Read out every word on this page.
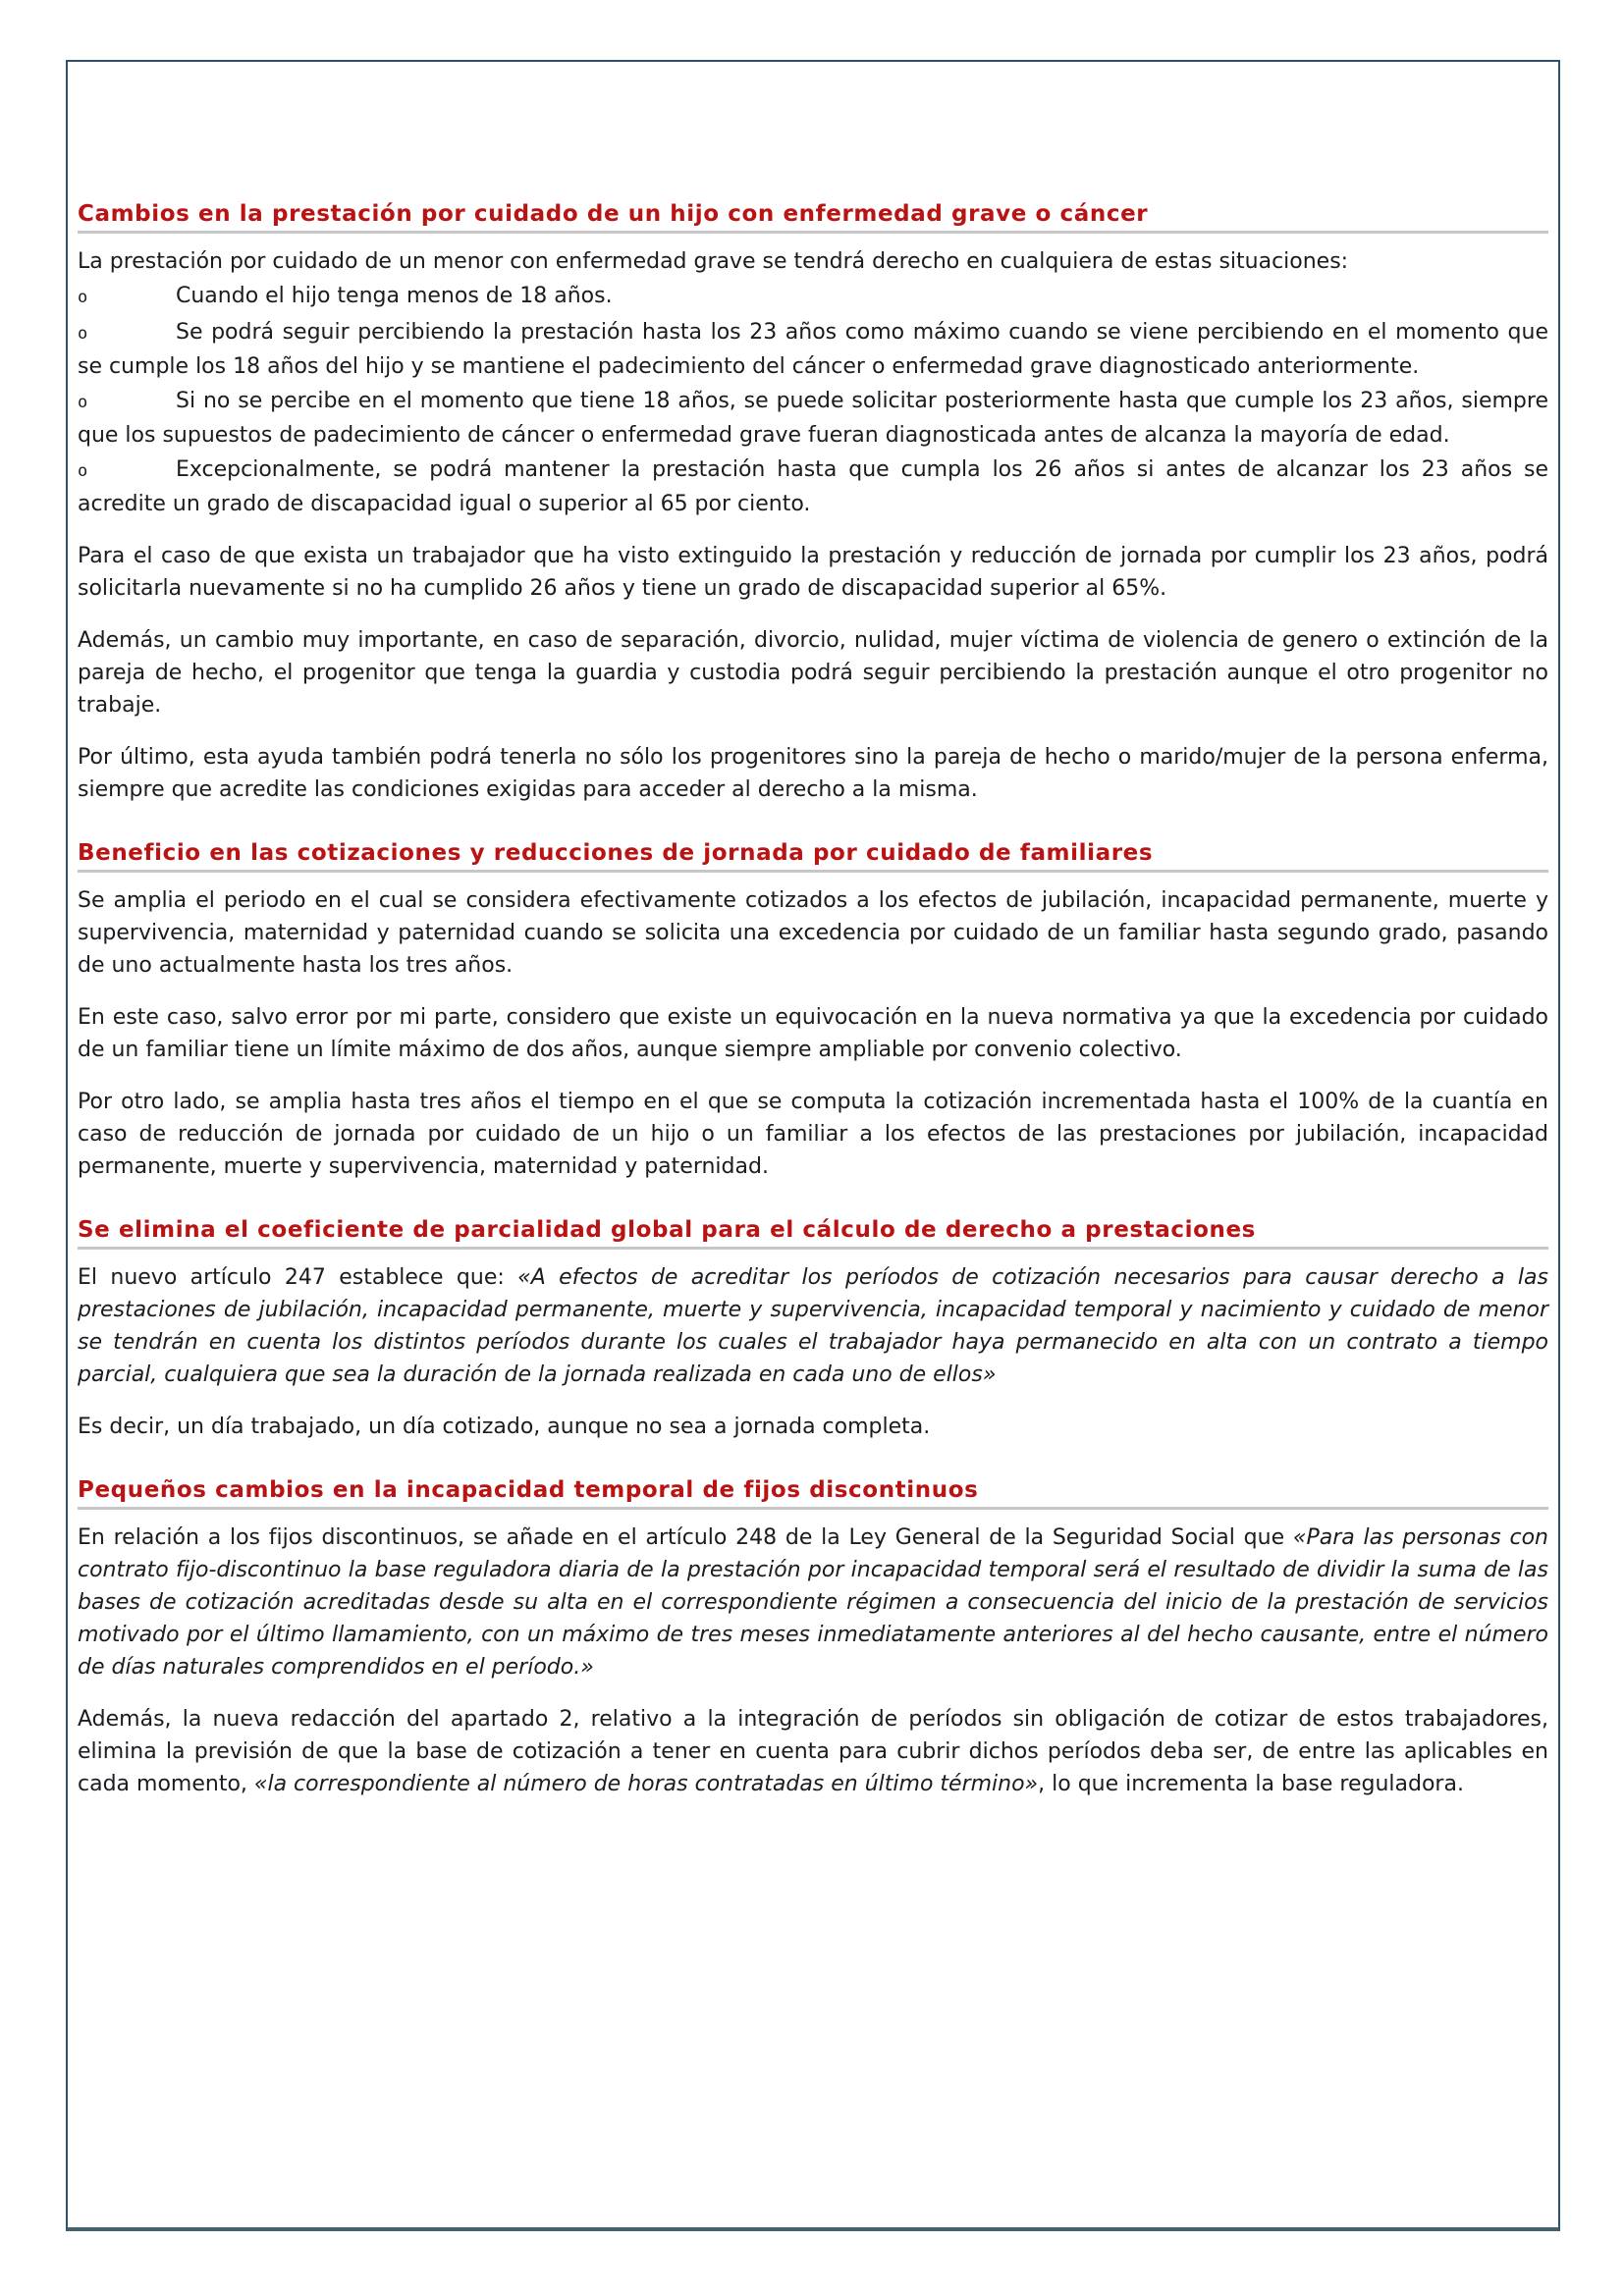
Cambios en la prestación por cuidado de un hijo con enfermedad grave o cáncer

La prestación por cuidado de un menor con enfermedad grave se tendrá derecho en cualquiera de estas situaciones:

o	Cuando el hijo tenga menos de 18 años.

o	Se podrá seguir percibiendo la prestación hasta los 23 años como máximo cuando se viene percibiendo en el momento que se cumple los 18 años del hijo y se mantiene el padecimiento del cáncer o enfermedad grave diagnosticado anteriormente.

o	Si no se percibe en el momento que tiene 18 años, se puede solicitar posteriormente hasta que cumple los 23 años, siempre que los supuestos de padecimiento de cáncer o enfermedad grave fueran diagnosticada antes de alcanza la mayoría de edad.

o	Excepcionalmente, se podrá mantener la prestación hasta que cumpla los 26 años si antes de alcanzar los 23 años se acredite un grado de discapacidad igual o superior al 65 por ciento.

Para el caso de que exista un trabajador que ha visto extinguido la prestación y reducción de jornada por cumplir los 23 años, podrá solicitarla nuevamente si no ha cumplido 26 años y tiene un grado de discapacidad superior al 65%.

Además, un cambio muy importante, en caso de separación, divorcio, nulidad, mujer víctima de violencia de genero o extinción de la pareja de hecho, el progenitor que tenga la guardia y custodia podrá seguir percibiendo la prestación aunque el otro progenitor no trabaje.

Por último, esta ayuda también podrá tenerla no sólo los progenitores sino la pareja de hecho o marido/mujer de la persona enferma, siempre que acredite las condiciones exigidas para acceder al derecho a la misma.

Beneficio en las cotizaciones y reducciones de jornada por cuidado de familiares

Se amplia el periodo en el cual se considera efectivamente cotizados a los efectos de jubilación, incapacidad permanente, muerte y supervivencia, maternidad y paternidad cuando se solicita una excedencia por cuidado de un familiar hasta segundo grado, pasando de uno actualmente hasta los tres años.

En este caso, salvo error por mi parte, considero que existe un equivocación en la nueva normativa ya que la excedencia por cuidado de un familiar tiene un límite máximo de dos años, aunque siempre ampliable por convenio colectivo.

Por otro lado, se amplia hasta tres años el tiempo en el que se computa la cotización incrementada hasta el 100% de la cuantía en caso de reducción de jornada por cuidado de un hijo o un familiar a los efectos de las prestaciones por jubilación, incapacidad permanente, muerte y supervivencia, maternidad y paternidad.

Se elimina el coeficiente de parcialidad global para el cálculo de derecho a prestaciones

El nuevo artículo 247 establece que: «A efectos de acreditar los períodos de cotización necesarios para causar derecho a las prestaciones de jubilación, incapacidad permanente, muerte y supervivencia, incapacidad temporal y nacimiento y cuidado de menor se tendrán en cuenta los distintos períodos durante los cuales el trabajador haya permanecido en alta con un contrato a tiempo parcial, cualquiera que sea la duración de la jornada realizada en cada uno de ellos»

Es decir, un día trabajado, un día cotizado, aunque no sea a jornada completa.

Pequeños cambios en la incapacidad temporal de fijos discontinuos

En relación a los fijos discontinuos, se añade en el artículo 248 de la Ley General de la Seguridad Social que «Para las personas con contrato fijo-discontinuo la base reguladora diaria de la prestación por incapacidad temporal será el resultado de dividir la suma de las bases de cotización acreditadas desde su alta en el correspondiente régimen a consecuencia del inicio de la prestación de servicios motivado por el último llamamiento, con un máximo de tres meses inmediatamente anteriores al del hecho causante, entre el número de días naturales comprendidos en el período.»

Además, la nueva redacción del apartado 2, relativo a la integración de períodos sin obligación de cotizar de estos trabajadores, elimina la previsión de que la base de cotización a tener en cuenta para cubrir dichos períodos deba ser, de entre las aplicables en cada momento, «la correspondiente al número de horas contratadas en último término», lo que incrementa la base reguladora.
